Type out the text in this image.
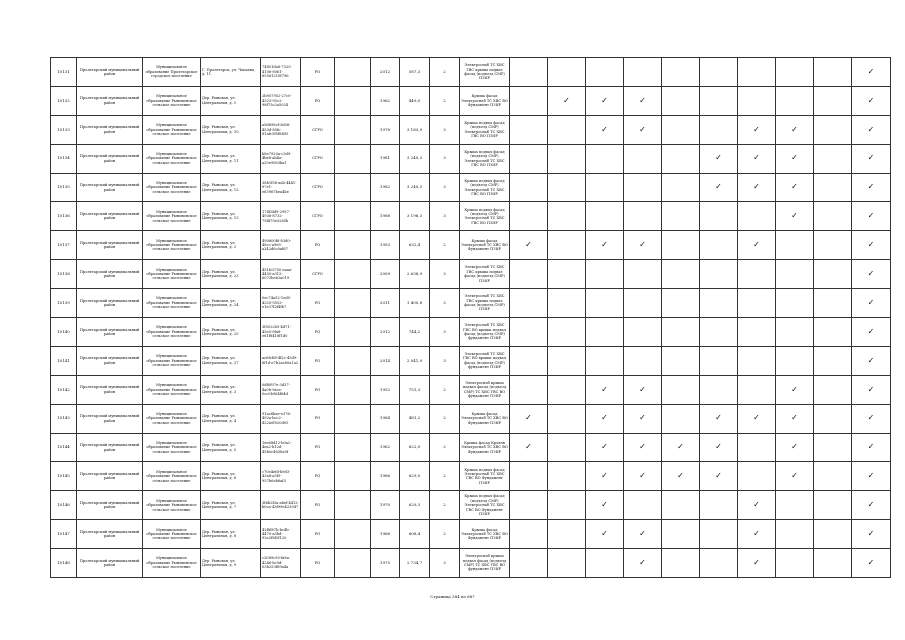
10131	Пролетарский муниципальный район	Муниципальное образование Пролетарское городское поселение	Г. Пролетарск, ул. Чапаева, д. 11	74851da8-7325-4106-8061-85561210f796	РО		2012	587,3	2	Электроснаб ТС ХВС ГВС крыша подвал фасад (подъезд СМР) ПЗИР										✓
10132	Пролетарский муниципальный район	Муниципальное образование Рыновинское сельское поселение	Дер. Рыновая, ул. Центральная, д. 1	2b957952-27c0-4323-95c2-98f75c2a5034	РО		1962	449,0	2	Крыша фасад Электроснаб ТС ХВС ВО Фундамент ПЗИР		✓	✓	✓						✓
10133	Пролетарский муниципальный район	Муниципальное образование Рыновинское сельское поселение	Дер. Рыновая, ул. Центральная, д. 10	a5d698cf-3eb8-453d-85fc-81afc5f5f8495	СГРО		1978	3 183,9	3	Крыша подвал фасад (подъезд СМР) Электроснаб ТС ХВС ГВС ВО ПЗИР			✓	✓			✓	✓		✓
10134	Пролетарский муниципальный район	Муниципальное образование Рыновинское сельское поселение	Дер. Рыновая, ул. Центральная, д. 11	b8e7920a-c3d9-4be8-ab4a-a29e9563ba1	СГРО		1981	3 240,3	3	Крыша подвал фасад (подъезд СМР) Электроснаб ТС ХВС ГВС ВО ПЗИР						✓	✓	✓		✓
10135	Пролетарский муниципальный район	Муниципальное образование Рыновинское сельское поселение	Дер. Рыновая, ул. Центральная, д. 12	38b1f58-aab-4441-97e1-e63967bea4be	СГРО		1982	3 240,3	3	Крыша подвал фасад (подъезд СМР) Электроснаб ТС ХВС ГВС ВО ПЗИР						✓	✓	✓		✓
10136	Пролетарский муниципальный район	Муниципальное образование Рыновинское сельское поселение	Дер. Рыновая, ул. Центральная, д. 13	174f3bf9-2957-4936-8732-794f70e3265b	СГРО		1988	3 196,3	3	Крыша подвал фасад (подъезд СМР) Электроснаб ТС ХВС ГВС ВО ПЗИР								✓		✓
10137	Пролетарский муниципальный район	Муниципальное образование Рыновинское сельское поселение	Дер. Рыновая, ул. Центральная, д. 2	490800f6-83d0-48cc-a9e5-a242d6c0af67	РО		1953	632,4	2	Крыша фасад Электроснаб ТС ХВС ВО Фундамент ПЗИР	✓		✓	✓			✓			✓
10138	Пролетарский муниципальный район	Муниципальное образование Рыновинское сельское поселение	Дер. Рыновая, ул. Центральная, д. 23	451fc5750-aaaa-4450-a315-6073be62a019	СГРО		2009	2 638,9	3	Электроснаб ТС ХВС ГВС крыша подвал фасад (подъезд СМР) ПЗИР										✓
10139	Пролетарский муниципальный район	Муниципальное образование Рыновинское сельское поселение	Дер. Рыновая, ул. Центральная, д. 24	0ec74a52-1ed5-4325-9552-e1e37f2f4fb7	РО		2011	1 400,8	3	Электроснаб ТС ХВС ГВС крыша подвал фасад (подъезд СМР) ПЗИР										✓
10140	Пролетарский муниципальный район	Муниципальное образование Рыновинское сельское поселение	Дер. Рыновая, ул. Центральная, д. 25	3f502283-4d71-45e5-9fa8-e61f8418f1d0	РО		2012	744,2	3	Электроснаб ТС ХВС ГВС ВО крыша подвал фасад (подъезд СМР) фундамент ПЗИР										✓
10141	Пролетарский муниципальный район	Муниципальное образование Рыновинское сельское поселение	Дер. Рыновая, ул. Центральная, д. 27	ac6fcf0f-4f2c-45d9-8f1d-e7b2ae80a1a2	РО		2014	2 041,9	3	Электроснаб ТС ХВС ГВС ВО крыша подвал фасад (подъезд СМР) фундамент ПЗИР										✓
10142	Пролетарский муниципальный район	Муниципальное образование Рыновинское сельское поселение	Дер. Рыновая, ул. Центральная, д. 3	0df0f07e-3d37-4a0b-9ace-0cc0b964f64d	РО		1952	751,3	2	Электроснаб крыша подвал фасад (подъезд СМР) ТС ХВС ГВС ВО фундамент ПЗИР			✓	✓				✓		✓
10143	Пролетарский муниципальный район	Муниципальное образование Рыновинское сельское поселение	Дер. Рыновая, ул. Центральная, д. 4	91ac6bae-e376-492a-bcc2-d22a0f920d05	РО		1964	481,2	2	Крыша фасад Электроснаб ТС ХВС ВО Фундамент ПЗИР	✓		✓	✓		✓	✓	✓		✓
10144	Пролетарский муниципальный район	Муниципальное образование Рыновинское сельское поселение	Дер. Рыновая, ул. Центральная, д. 5	1ee68d12-b0a2-4ea2-b12d-45b0c4638a9f	РО		1962	622,0	2	Крыша фасад Кровля Электроснаб ТС ХВС ВО Фундамент ПЗИР	✓		✓	✓	✓	✓		✓		✓
10145	Пролетарский муниципальный район	Муниципальное образование Рыновинское сельское поселение	Дер. Рыновая, ул. Центральная, д. 6	c70e4efd-b9d3-43a8-a5f5-957b6eb8af3	РО		1966	629,5	2	Крыша подвал фасад Электроснаб ТС ХВС ГВС ВО Фундамент ПЗИР			✓	✓	✓	✓		✓		✓
10146	Пролетарский муниципальный район	Муниципальное образование Рыновинское сельское поселение	Дер. Рыновая, ул. Центральная, д. 7	3f6b2f3a-abef-4412-b0ca-43f99e423947	РО		1970	629,3	2	Крыша подвал фасад (подъезд СМР) Электроснаб ТС ХВС ГВС ВО Фундамент ПЗИР			✓				✓			✓
10147	Пролетарский муниципальный район	Муниципальное образование Рыновинское сельское поселение	Дер. Рыновая, ул. Центральная, д. 8	42f8f87b-bc4b-4470-a5bd-92e2f8f2f120	РО		1966	608,4	2	Крыша фасад Электроснаб ТС ХВС ВО Фундамент ПЗИР			✓	✓			✓			✓
10148	Пролетарский муниципальный район	Муниципальное образование Рыновинское сельское поселение	Дер. Рыновая, ул. Центральная, д. 9	c2089c95-fa8a-4246-bc9d-03b253f89a4a	РО		1975	2 734,7	3	Электроснаб крыша подвал фасад (подъезд СМР) ТС ХВС ГВС ВО фундамент ПЗИР				✓			✓			✓
Страница 384 из 687
